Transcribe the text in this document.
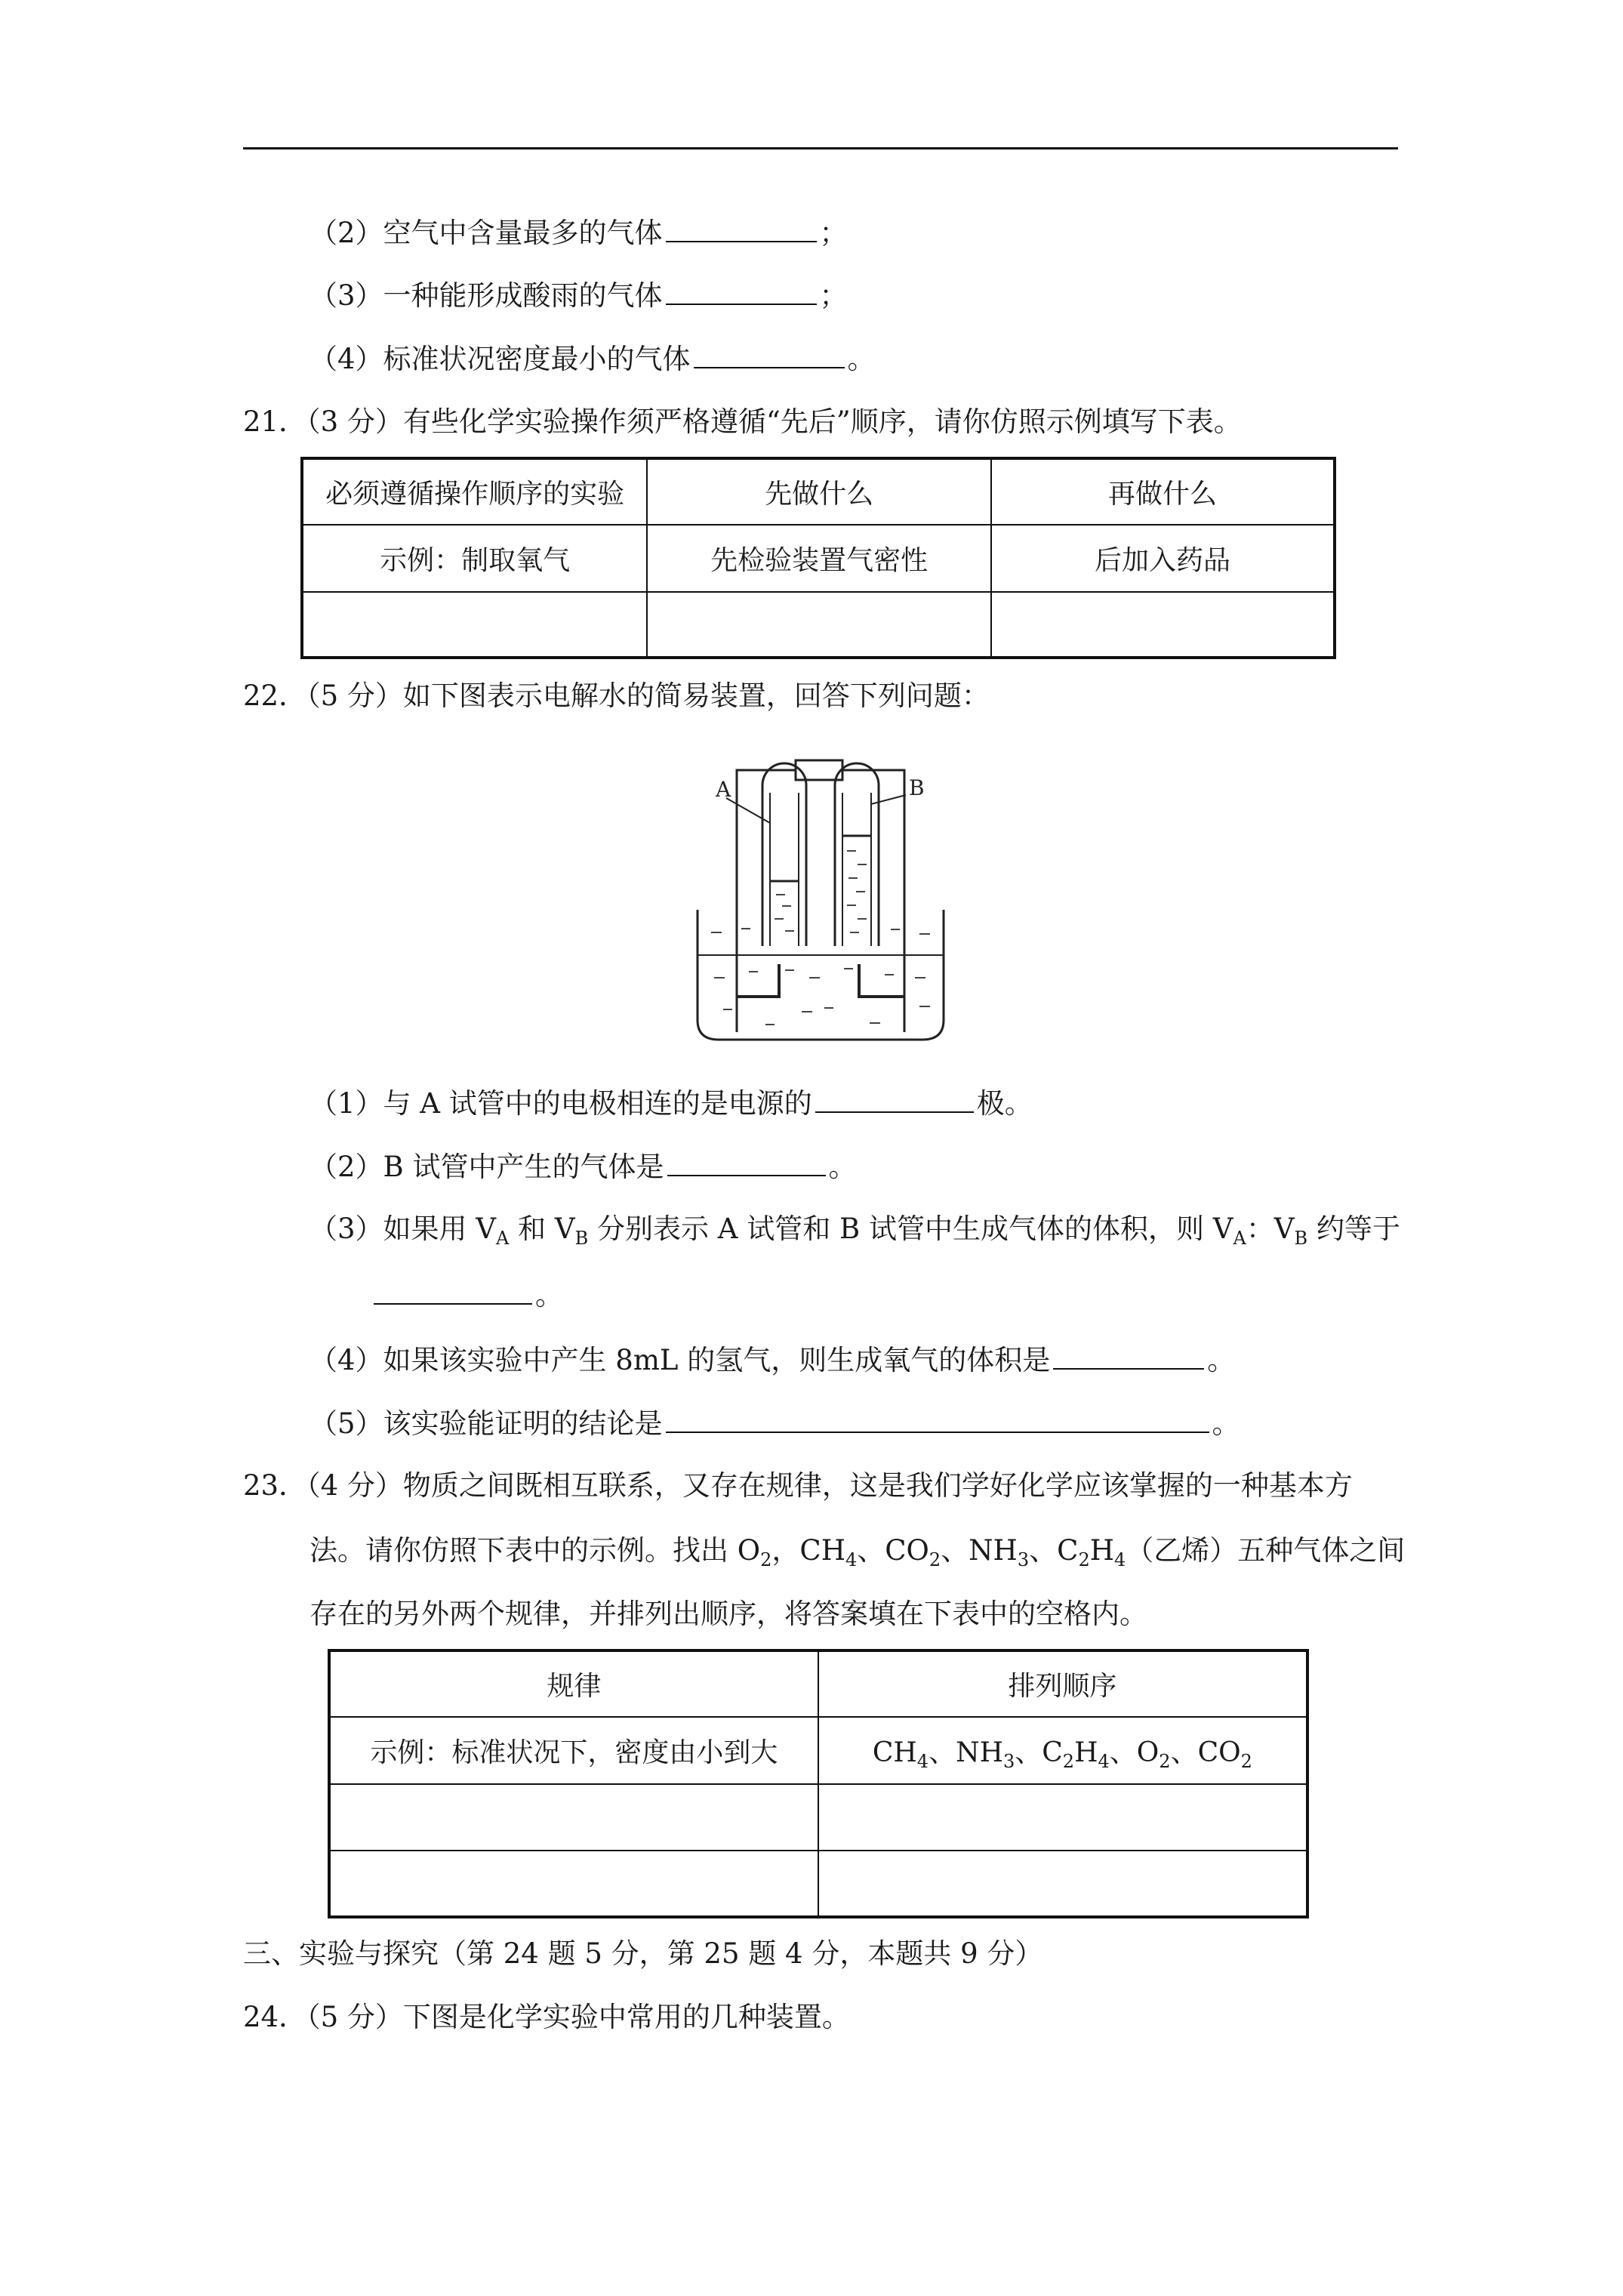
（2）空气中含量最多的气体	；
（3）一种能形成酸雨的气体	；
（4）标准状况密度最小的气体	。
21．（3 分）有些化学实验操作须严格遵循“先后”顺序，请你仿照示例填写下表。
必须遵循操作顺序的实验	先做什么	再做什么
示例：制取氧气	先检验装置气密性	后加入药品

22．（5 分）如下图表示电解水的简易装置，回答下列问题：
A	B
（1）与 A 试管中的电极相连的是电源的	极。
（2）B 试管中产生的气体是	。
（3）如果用 $V_A$ 和 $V_B$ 分别表示 A 试管和 B 试管中生成气体的体积，则 $V_A$：$V_B$ 约等于
。
（4）如果该实验中产生 8mL 的氢气，则生成氧气的体积是	。
（5）该实验能证明的结论是	。
23．（4 分）物质之间既相互联系，又存在规律，这是我们学好化学应该掌握的一种基本方
法。请你仿照下表中的示例。找出 $O_2$，$CH_4$、$CO_2$、$NH_3$、$C_2H_4$（乙烯）五种气体之间
存在的另外两个规律，并排列出顺序，将答案填在下表中的空格内。
规律	排列顺序
示例：标准状况下，密度由小到大	$CH_4$、$NH_3$、$C_2H_4$、$O_2$、$CO_2$

三、实验与探究（第 24 题 5 分，第 25 题 4 分，本题共 9 分）
24．（5 分）下图是化学实验中常用的几种装置。
